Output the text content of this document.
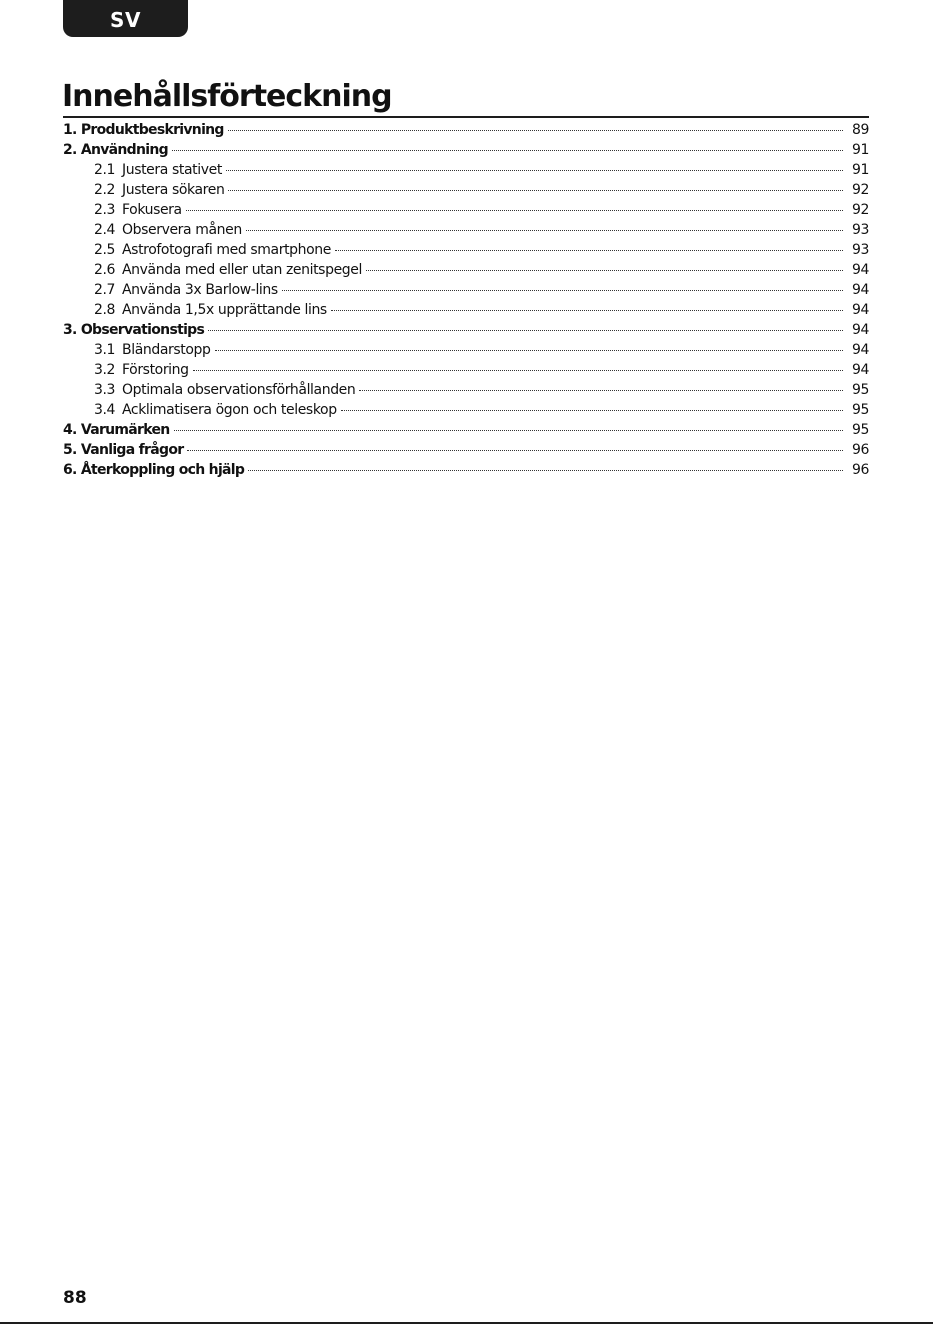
SV
Innehållsförteckning
1. Produktbeskrivning	89
2. Användning	91
2.1 Justera stativet	91
2.2 Justera sökaren	92
2.3 Fokusera	92
2.4 Observera månen	93
2.5 Astrofotografi med smartphone	93
2.6 Använda med eller utan zenitspegel	94
2.7 Använda 3x Barlow-lins	94
2.8 Använda 1,5x upprättande lins	94
3. Observationstips	94
3.1 Bländarstopp	94
3.2 Förstoring	94
3.3 Optimala observationsförhållanden	95
3.4 Acklimatisera ögon och teleskop	95
4. Varumärken	95
5. Vanliga frågor	96
6. Återkoppling och hjälp	96
88
